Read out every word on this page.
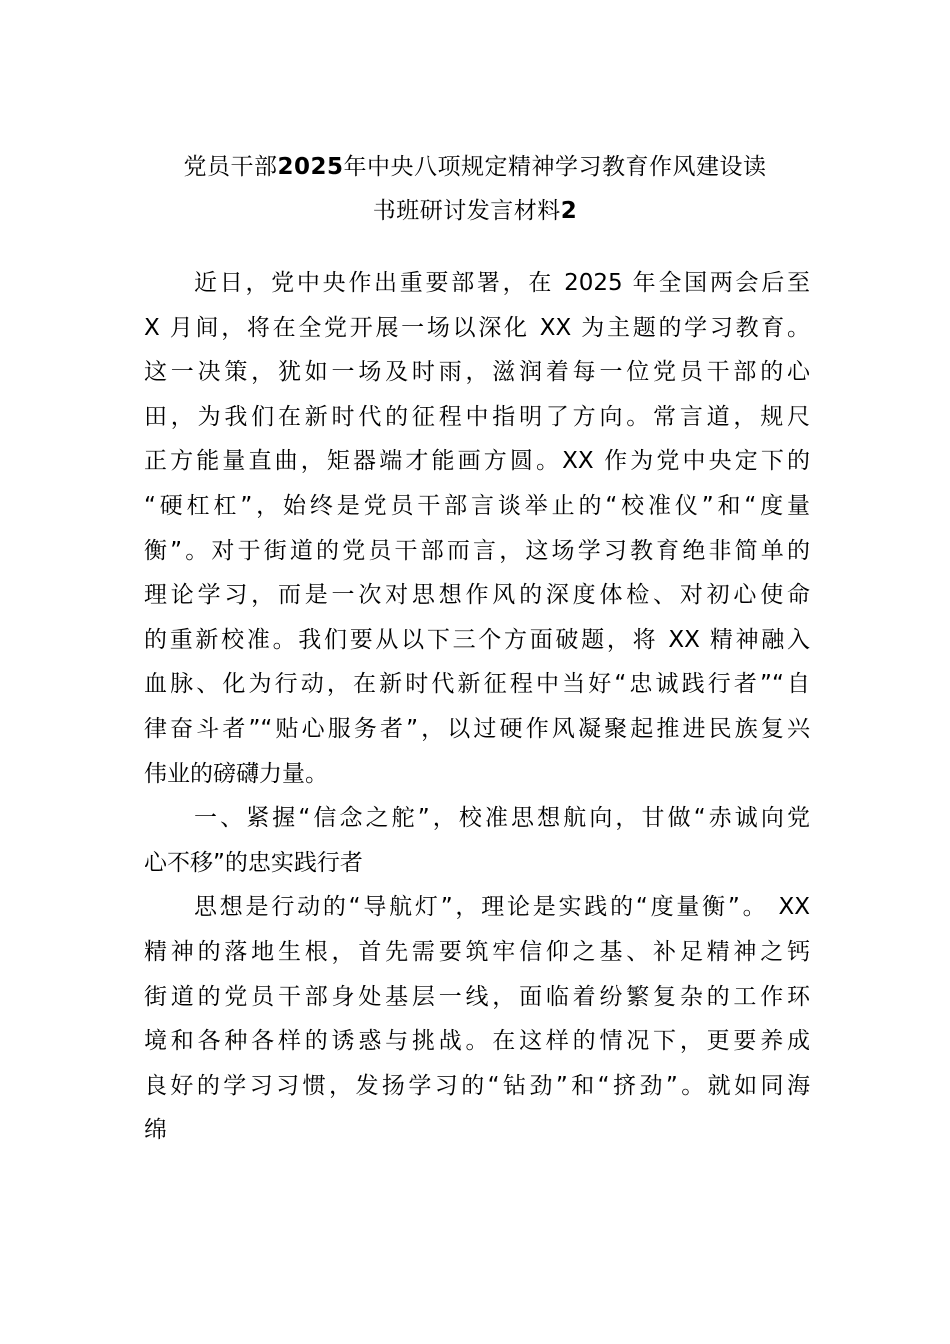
党员干部2025年中央八项规定精神学习教育作风建设读
书班研讨发言材料2
近日，党中央作出重要部署，在 2025 年全国两会后至
X 月间，将在全党开展一场以深化 XX 为主题的学习教育。
这一决策，犹如一场及时雨，滋润着每一位党员干部的心
田，为我们在新时代的征程中指明了方向。常言道，规尺
正方能量直曲，矩器端才能画方圆。XX 作为党中央定下的
“硬杠杠”，始终是党员干部言谈举止的“校准仪”和“度量
衡”。对于街道的党员干部而言，这场学习教育绝非简单的
理论学习，而是一次对思想作风的深度体检、对初心使命
的重新校准。我们要从以下三个方面破题，将 XX 精神融入
血脉、化为行动，在新时代新征程中当好“忠诚践行者”“自
律奋斗者”“贴心服务者”，以过硬作风凝聚起推进民族复兴
伟业的磅礴力量。
一、紧握“信念之舵”，校准思想航向，甘做“赤诚向党
心不移”的忠实践行者
思想是行动的“导航灯”，理论是实践的“度量衡”。 XX
精神的落地生根，首先需要筑牢信仰之基、补足精神之钙
街道的党员干部身处基层一线，面临着纷繁复杂的工作环
境和各种各样的诱惑与挑战。在这样的情况下，更要养成
良好的学习习惯，发扬学习的“钻劲”和“挤劲”。就如同海
绵
